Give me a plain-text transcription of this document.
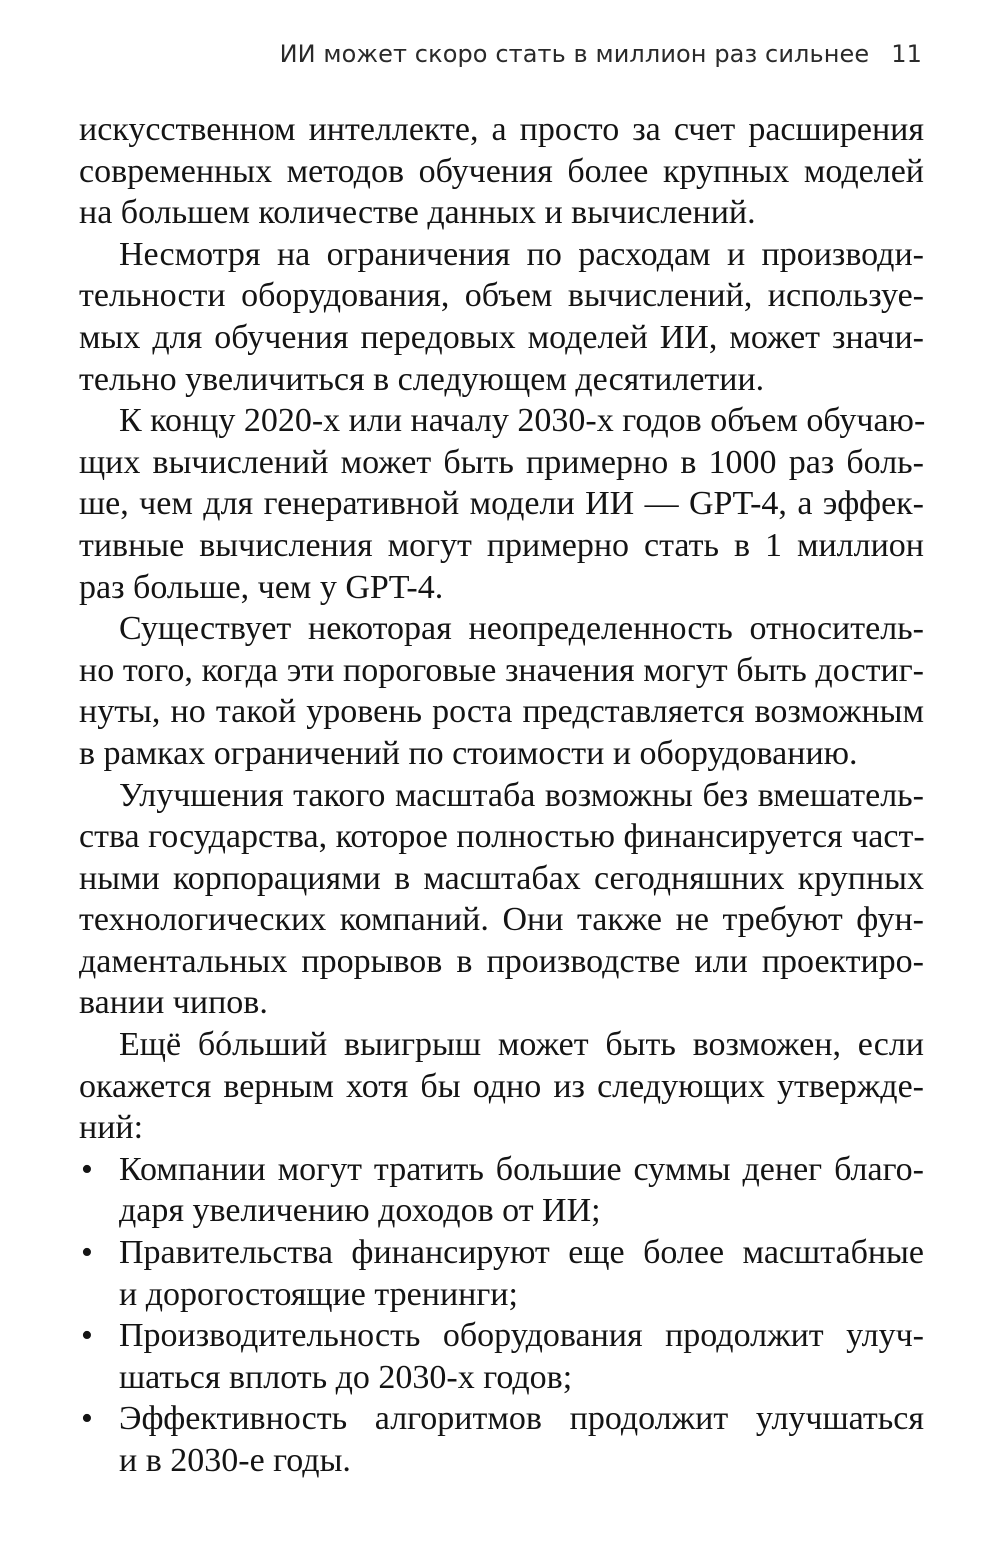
ИИ может скоро стать в миллион раз сильнее 11
искусственном интеллекте, а просто за счет расширения
современных методов обучения более крупных моделей
на большем количестве данных и вычислений.
Несмотря на ограничения по расходам и производи-
тельности оборудования, объем вычислений, используе-
мых для обучения передовых моделей ИИ, может значи-
тельно увеличиться в следующем десятилетии.
К концу 2020-х или началу 2030-х годов объем обучаю-
щих вычислений может быть примерно в 1000 раз боль-
ше, чем для генеративной модели ИИ — GPT-4, а эффек-
тивные вычисления могут примерно стать в 1 миллион
раз больше, чем у GPT-4.
Существует некоторая неопределенность относитель-
но того, когда эти пороговые значения могут быть достиг-
нуты, но такой уровень роста представляется возможным
в рамках ограничений по стоимости и оборудованию.
Улучшения такого масштаба возможны без вмешатель-
ства государства, которое полностью финансируется част-
ными корпорациями в масштабах сегодняшних крупных
технологических компаний. Они также не требуют фун-
даментальных прорывов в производстве или проектиро-
вании чипов.
Ещё бóльший выигрыш может быть возможен, если
окажется верным хотя бы одно из следующих утвержде-
ний:
• Компании могут тратить большие суммы денег благо-
даря увеличению доходов от ИИ;
• Правительства финансируют еще более масштабные
и дорогостоящие тренинги;
• Производительность оборудования продолжит улуч-
шаться вплоть до 2030-х годов;
• Эффективность алгоритмов продолжит улучшаться
и в 2030-е годы.
